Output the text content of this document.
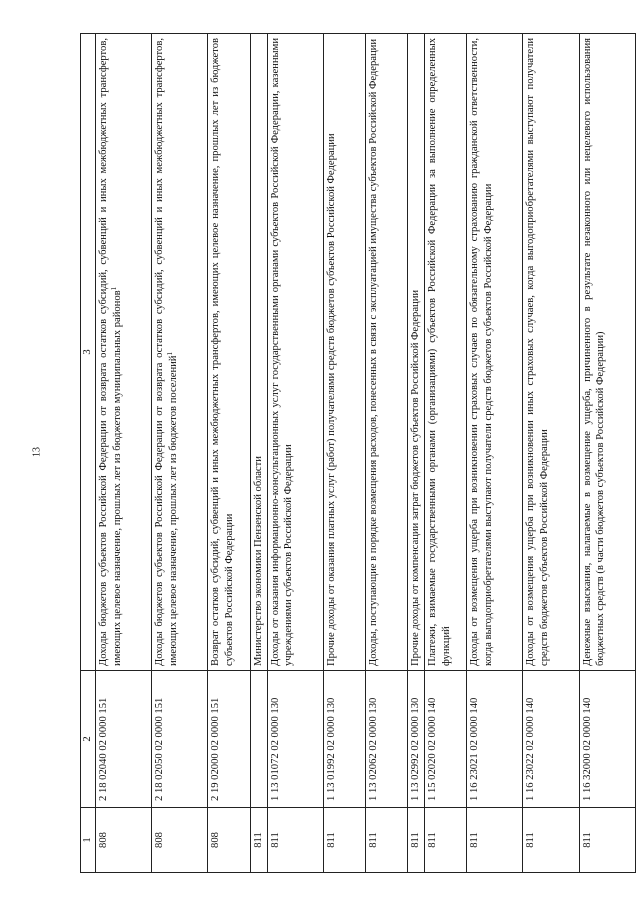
13
1	2	3
808	2 18 02040 02 0000 151	Доходы бюджетов субъектов Российской Федерации от возврата остатков субсидий, субвенций и иных межбюджетных трансфертов, имеющих целевое назначение, прошлых лет из бюджетов муниципальных районов$^1$
808	2 18 02050 02 0000 151	Доходы бюджетов субъектов Российской Федерации от возврата остатков субсидий, субвенций и иных межбюджетных трансфертов, имеющих целевое назначение, прошлых лет из бюджетов поселений$^1$
808	2 19 02000 02 0000 151	Возврат остатков субсидий, субвенций и иных межбюджетных трансфертов, имеющих целевое назначение, прошлых лет из бюджетов субъектов Российской Федерации
811		Министерство экономики Пензенской области
811	1 13 01072 02 0000 130	Доходы от оказания информационно-консультационных услуг государственными органами субъектов Российской Федерации, казенными учреждениями субъектов Российской Федерации
811	1 13 01992 02 0000 130	Прочие доходы от оказания платных услуг (работ) получателями средств бюджетов субъектов Российской Федерации
811	1 13 02062 02 0000 130	Доходы, поступающие в порядке возмещения расходов, понесенных в связи с эксплуатацией имущества субъектов Российской Федерации
811	1 13 02992 02 0000 130	Прочие доходы от компенсации затрат бюджетов субъектов Российской Федерации
811	1 15 02020 02 0000 140	Платежи, взимаемые государственными органами (организациями) субъектов Российской Федерации за выполнение определенных функций
811	1 16 23021 02 0000 140	Доходы от возмещения ущерба при возникновении страховых случаев по обязательному страхованию гражданской ответственности, когда выгодоприобретателями выступают получатели средств бюджетов субъектов Российской Федерации
811	1 16 23022 02 0000 140	Доходы от возмещения ущерба при возникновении иных страховых случаев, когда выгодоприобретателями выступают получатели средств бюджетов субъектов Российской Федерации
811	1 16 32000 02 0000 140	Денежные взыскания, налагаемые в возмещение ущерба, причиненного в результате незаконного или нецелевого использования бюджетных средств (в части бюджетов субъектов Российской Федерации)
